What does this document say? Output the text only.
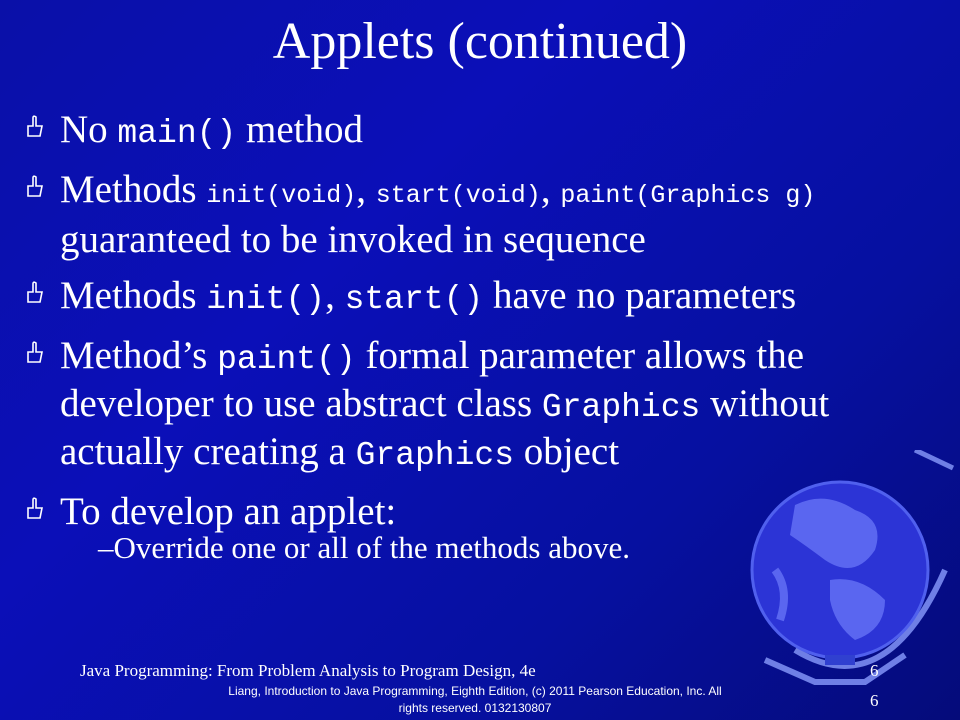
Applets (continued)
No main() method
Methods init(void), start(void), paint(Graphics g) guaranteed to be invoked in sequence
Methods init(), start() have no parameters
Method’s paint() formal parameter allows the developer to use abstract class Graphics without actually creating a Graphics object
To develop an applet:
–Override one or all of the methods above.
Java Programming: From Problem Analysis to Program Design, 4e	6
6
Liang, Introduction to Java Programming, Eighth Edition, (c) 2011 Pearson Education, Inc. All
rights reserved. 0132130807
